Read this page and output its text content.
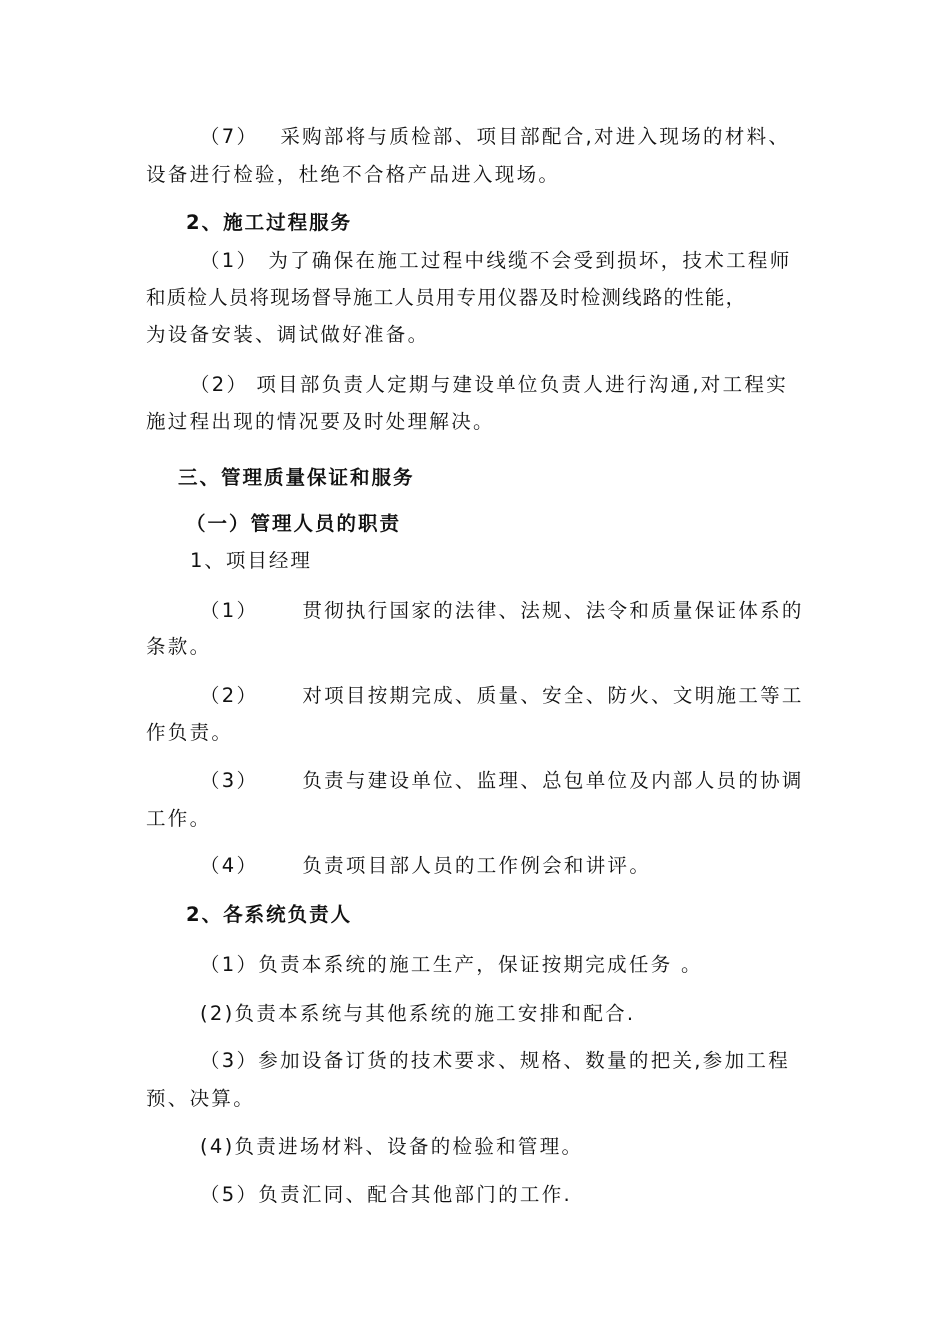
（7） 采购部将与质检部、项目部配合,对进入现场的材料、
设备进行检验，杜绝不合格产品进入现场。
2、施工过程服务
（1） 为了确保在施工过程中线缆不会受到损坏，技术工程师
和质检人员将现场督导施工人员用专用仪器及时检测线路的性能，
为设备安装、调试做好准备。
（2） 项目部负责人定期与建设单位负责人进行沟通,对工程实
施过程出现的情况要及时处理解决。
三、管理质量保证和服务
（一）管理人员的职责
1、项目经理
（1） 贯彻执行国家的法律、法规、法令和质量保证体系的
条款。
（2） 对项目按期完成、质量、安全、防火、文明施工等工
作负责。
（3） 负责与建设单位、监理、总包单位及内部人员的协调
工作。
（4） 负责项目部人员的工作例会和讲评。
2、各系统负责人
（1）负责本系统的施工生产，保证按期完成任务 。
(2)负责本系统与其他系统的施工安排和配合.
（3）参加设备订货的技术要求、规格、数量的把关,参加工程
预、决算。
(4)负责进场材料、设备的检验和管理。
（5）负责汇同、配合其他部门的工作.
